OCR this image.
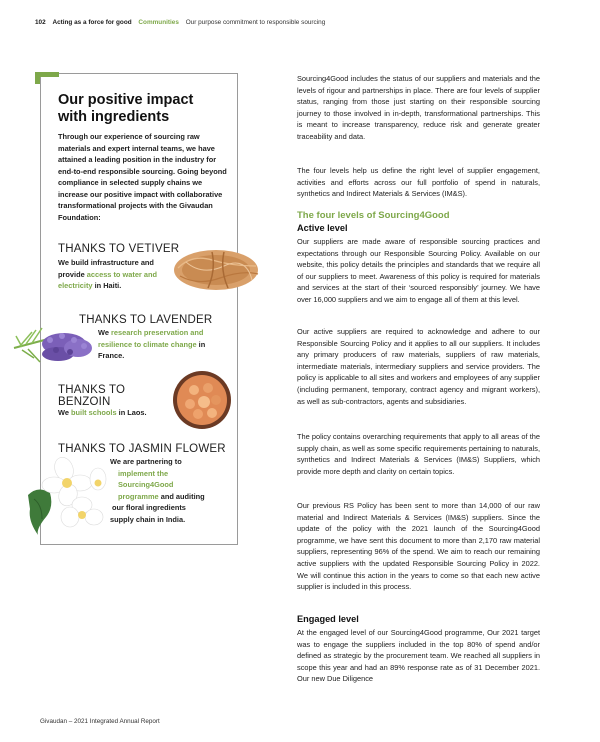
102 Acting as a force for good Communities Our purpose commitment to responsible sourcing
Our positive impact
with ingredients
Through our experience of sourcing raw materials and expert internal teams, we have attained a leading position in the industry for end-to-end responsible sourcing. Going beyond compliance in selected supply chains we increase our positive impact with collaborative transformational projects with the Givaudan Foundation:
THANKS TO VETIVER
We build infrastructure and provide access to water and electricity in Haiti.
THANKS TO LAVENDER
We research preservation and resilience to climate change in France.
THANKS TO
BENZOIN
We built schools in Laos.
THANKS TO JASMIN FLOWER
We are partnering to
implement the
Sourcing4Good
programme and auditing
our floral ingredients
supply chain in India.

Sourcing4Good includes the status of our suppliers and materials and the levels of rigour and partnerships in place. There are four levels of supplier status, ranging from those just starting on their responsible sourcing journey to those involved in in-depth, transformational partnerships. This is meant to increase transparency, reduce risk and generate greater traceability and data.

The four levels help us define the right level of supplier engagement, activities and efforts across our full portfolio of spend in naturals, synthetics and Indirect Materials & Services (IM&S).

The four levels of Sourcing4Good
Active level

Our suppliers are made aware of responsible sourcing practices and expectations through our Responsible Sourcing Policy. Available on our website, this policy details the principles and standards that we require all of our suppliers to meet. Awareness of this policy is required for materials and services at the start of their ‘sourced responsibly’ journey. We have over 16,000 suppliers and we aim to engage all of them at this level.

Our active suppliers are required to acknowledge and adhere to our Responsible Sourcing Policy and it applies to all our suppliers. It includes any primary producers of raw materials, suppliers of raw materials, intermediate materials, intermediary suppliers and service providers. The policy is applicable to all sites and workers and employees of any supplier (including permanent, temporary, contract agency and migrant workers), as well as sub-contractors, agents and subsidiaries.

The policy contains overarching requirements that apply to all areas of the supply chain, as well as some specific requirements pertaining to naturals, synthetics and Indirect Materials & Services (IM&S) Suppliers, which provide more depth and clarity on certain topics.

Our previous RS Policy has been sent to more than 14,000 of our raw material and Indirect Materials & Services (IM&S) suppliers. Since the update of the policy with the 2021 launch of the Sourcing4Good programme, we have sent this document to more than 2,170 raw material suppliers, representing 96% of the spend. We aim to reach our remaining active suppliers with the updated Responsible Sourcing Policy in 2022. We will continue this action in the years to come so that each new active supplier is included in this process.

Engaged level

At the engaged level of our Sourcing4Good programme, Our 2021 target was to engage the suppliers included in the top 80% of spend and/or defined as strategic by the procurement team. We reached all suppliers in scope this year and had an 89% response rate as of 31 December 2021. Our new Due Diligence

Givaudan – 2021 Integrated Annual Report
